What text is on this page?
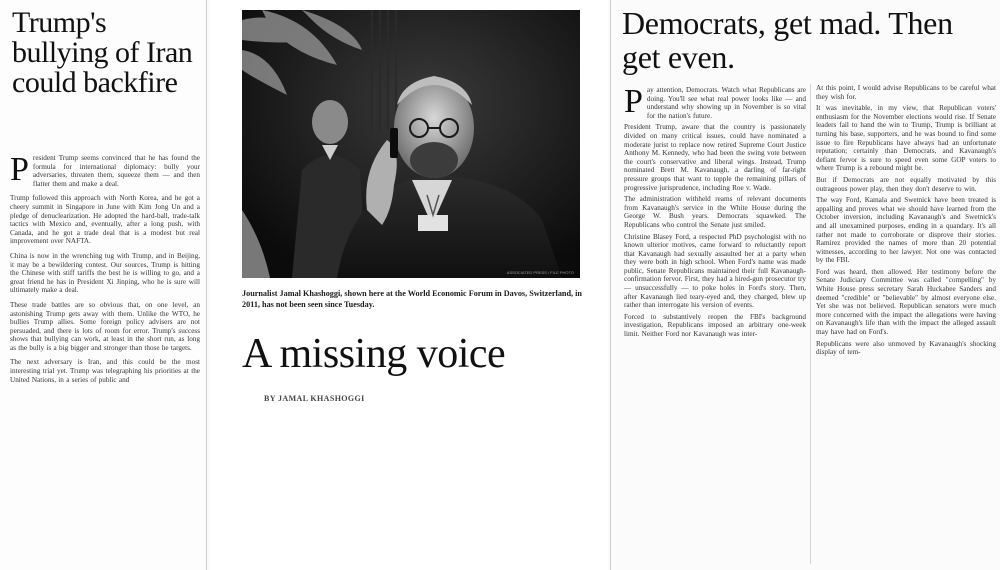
Trump's bullying of Iran could backfire
President Trump seems convinced that he has found the formula for international diplomacy: bully your adversaries, threaten them, squeeze them — and then flatter them and make a deal.
Trump followed this approach with North Korea, and he got a cheery summit in Singapore in June with Kim Jong Un and a pledge of denuclearization. He adopted the hard-ball, trade-talk tactics with Mexico and, eventually, after a long push, with Canada, and he got a trade deal that is a modest but real improvement over NAFTA.
China is now in the wrenching tug with Trump, and in Beijing, it may be a bewildering contest. Our sources, Trump is hitting the Chinese with stiff tariffs the best he is willing to go, and a great friend he has in President Xi Jinping, who he is sure will ultimately make a deal.
These trade battles are so obvious that, on one level, an astonishing Trump gets away with them. Unlike the WTO, he bullies Trump allies. Some foreign policy advisers are not persuaded, and there is lots of room for error. Trump's success shows that bullying can work, at least in the short run, as long as the bully is a big bigger and stronger than those he targets.
The next adversary is Iran, and this could be the most interesting trial yet. Trump was telegraphing his priorities at the United Nations, in a series of public and
ASSOCIATED PRESS / FILE PHOTO
Journalist Jamal Khashoggi, shown here at the World Economic Forum in Davos, Switzerland, in 2011, has not been seen since Tuesday.
A missing voice
BY JAMAL KHASHOGGI
Democrats, get mad. Then get even.
Pay attention, Democrats. Watch what Republicans are doing. You'll see what real power looks like — and understand why showing up in November is so vital for the nation's future.
President Trump, aware that the country is passionately divided on many critical issues, could have nominated a moderate jurist to replace now retired Supreme Court Justice Anthony M. Kennedy, who had been the swing vote between the court's conservative and liberal wings. Instead, Trump nominated Brett M. Kavanaugh, a darling of far-right pressure groups that want to topple the remaining pillars of progressive jurisprudence, including Roe v. Wade.
The administration withheld reams of relevant documents from Kavanaugh's service in the White House during the George W. Bush years. Democrats squawked. The Republicans who control the Senate just smiled.
Christine Blasey Ford, a respected PhD psychologist with no known ulterior motives, came forward to reluctantly report that Kavanaugh had sexually assaulted her at a party when they were both in high school. When Ford's name was made public, Senate Republicans maintained their full Kavanaugh-confirmation fervor. First, they had a hired-gun prosecutor try — unsuccessfully — to poke holes in Ford's story. Then, after Kavanaugh lied teary-eyed and, they charged, blew up rather than interrogate his version of events.
Forced to substantively reopen the FBI's background investigation, Republicans imposed an arbitrary one-week limit. Neither Ford nor Kavanaugh was inter-
At this point, I would advise Republicans to be careful what they wish for.
It was inevitable, in my view, that Republican voters' enthusiasm for the November elections would rise. If Senate leaders fail to hand the win to Trump, Trump is brilliant at turning his base, supporters, and he was bound to find some issue to fire Republicans have always had an unfortunate reputation; certainly than Democrats, and Kavanaugh's defiant fervor is sure to speed even some GOP voters to where Trump is a rebound might be.
But if Democrats are not equally motivated by this outrageous power play, then they don't deserve to win.
The way Ford, Kamala and Swetnick have been treated is appalling and proves what we should have learned from the October inversion, including Kavanaugh's and Swetnick's and all unexamined purposes, ending in a quandary. It's all rather not made to corroborate or disprove their stories. Ramirez provided the names of more than 20 potential witnesses, according to her lawyer. Not one was contacted by the FBI.
Ford was heard, then allowed. Her testimony before the Senate Judiciary Committee was called "compelling" by White House press secretary Sarah Huckabee Sanders and deemed "credible" or "believable" by almost everyone else. Yet she was not believed. Republican senators were much more concerned with the impact the allegations were having on Kavanaugh's life than with the impact the alleged assault may have had on Ford's.
Republicans were also unmoved by Kavanaugh's shocking display of tem-
